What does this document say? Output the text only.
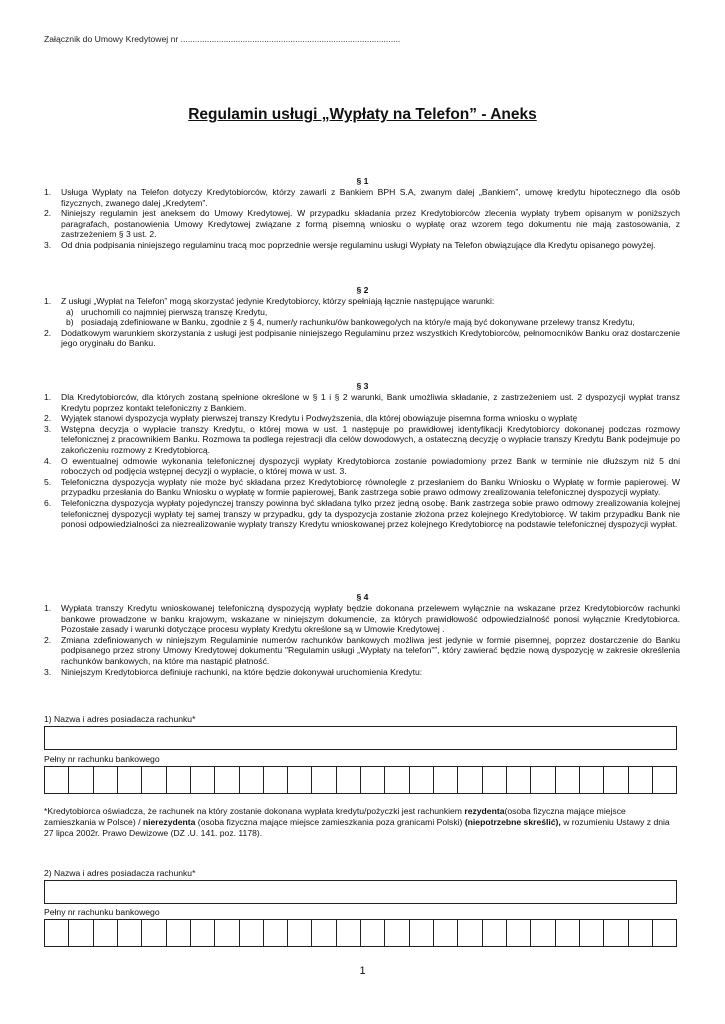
Załącznik do Umowy Kredytowej nr ............................................................................................
Regulamin usługi „Wypłaty na Telefon” - Aneks
§ 1
1. Usługa Wypłaty na Telefon dotyczy Kredytobiorców, którzy zawarli z Bankiem BPH S.A, zwanym dalej „Bankiem”, umowę kredytu hipotecznego dla osób fizycznych, zwanego dalej „Kredytem”.
2. Niniejszy regulamin jest aneksem do Umowy Kredytowej. W przypadku składania przez Kredytobiorców zlecenia wypłaty trybem opisanym w poniższych paragrafach, postanowienia Umowy Kredytowej związane z formą pisemną wniosku o wypłatę oraz wzorem tego dokumentu nie mają zastosowania, z zastrzeżeniem § 3 ust. 2.
3. Od dnia podpisania niniejszego regulaminu tracą moc poprzednie wersje regulaminu usługi Wypłaty na Telefon obwiązujące dla Kredytu opisanego powyżej.
§ 2
1. Z usługi „Wypłat na Telefon” mogą skorzystać jedynie Kredytobiorcy, którzy spełniają łącznie następujące warunki:
a) uruchomili co najmniej pierwszą transzę Kredytu,
b) posiadają zdefiniowane w Banku, zgodnie z § 4, numer/y rachunku/ów bankowego/ych na który/e mają być dokonywane przelewy transz Kredytu,
2. Dodatkowym warunkiem skorzystania z usługi jest podpisanie niniejszego Regulaminu przez wszystkich Kredytobiorców, pełnomocników Banku oraz dostarczenie jego oryginału do Banku.
§ 3
1. Dla Kredytobiorców, dla których zostaną spełnione określone w § 1 i § 2 warunki, Bank umożliwia składanie, z zastrzeżeniem ust. 2 dyspozycji wypłat transz Kredytu poprzez kontakt telefoniczny z Bankiem.
2. Wyjątek stanowi dyspozycja wypłaty pierwszej transzy Kredytu i Podwyższenia, dla której obowiązuje pisemna forma wniosku o wypłatę
3. Wstępna decyzja o wypłacie transzy Kredytu, o której mowa w ust. 1 następuje po prawidłowej identyfikacji Kredytobiorcy dokonanej podczas rozmowy telefonicznej z pracownikiem Banku. Rozmowa ta podlega rejestracji dla celów dowodowych, a ostateczną decyzję o wypłacie transzy Kredytu Bank podejmuje po zakończeniu rozmowy z Kredytobiorcą.
4. O ewentualnej odmowie wykonania telefonicznej dyspozycji wypłaty Kredytobiorca zostanie powiadomiony przez Bank w terminie nie dłuższym niż 5 dni roboczych od podjęcia wstępnej decyzji o wypłacie, o której mowa w ust. 3.
5. Telefoniczna dyspozycja wypłaty nie może być składana przez Kredytobiorcę równolegle z przesłaniem do Banku Wniosku o Wypłatę w formie papierowej. W przypadku przesłania do Banku Wniosku o wypłatę w formie papierowej, Bank zastrzega sobie prawo odmowy zrealizowania telefonicznej dyspozycji wypłaty.
6. Telefoniczna dyspozycja wypłaty pojedynczej transzy powinna być składana tylko przez jedną osobę. Bank zastrzega sobie prawo odmowy zrealizowania kolejnej telefonicznej dyspozycji wypłaty tej samej transzy w przypadku, gdy ta dyspozycja zostanie złożona przez kolejnego Kredytobiorcę. W takim przypadku Bank nie ponosi odpowiedzialności za niezrealizowanie wypłaty transzy Kredytu wnioskowanej przez kolejnego Kredytobiorcę na podstawie telefonicznej dyspozycji wypłat.
§ 4
1. Wypłata transzy Kredytu wnioskowanej telefoniczną dyspozycją wypłaty będzie dokonana przelewem wyłącznie na wskazane przez Kredytobiorców rachunki bankowe prowadzone w banku krajowym, wskazane w niniejszym dokumencie, za których prawidłowość odpowiedzialność ponosi wyłącznie Kredytobiorca. Pozostałe zasady i warunki dotyczące procesu wypłaty Kredytu określone są w Umowie Kredytowej .
2. Zmiana zdefiniowanych w niniejszym Regulaminie numerów rachunków bankowych możliwa jest jedynie w formie pisemnej, poprzez dostarczenie do Banku podpisanego przez strony Umowy Kredytowej dokumentu "Regulamin usługi „Wypłaty na telefon””, który zawierać będzie nową dyspozycję w zakresie określenia rachunków bankowych, na które ma nastąpić płatność.
3. Niniejszym Kredytobiorca definiuje rachunki, na które będzie dokonywał uruchomienia Kredytu:
1) Nazwa i adres posiadacza rachunku*
Pełny nr rachunku bankowego
*Kredytobiorca oświadcza, że rachunek na który zostanie dokonana wypłata kredytu/pożyczki jest rachunkiem rezydenta(osoba fizyczna mające miejsce zamieszkania w Polsce) / nierezydenta (osoba fizyczna mające miejsce zamieszkania poza granicami Polski) (niepotrzebne skreślić), w rozumieniu Ustawy z dnia 27 lipca 2002r. Prawo Dewizowe (DZ .U. 141. poz. 1178).
2) Nazwa i adres posiadacza rachunku*
Pełny nr rachunku bankowego
1
